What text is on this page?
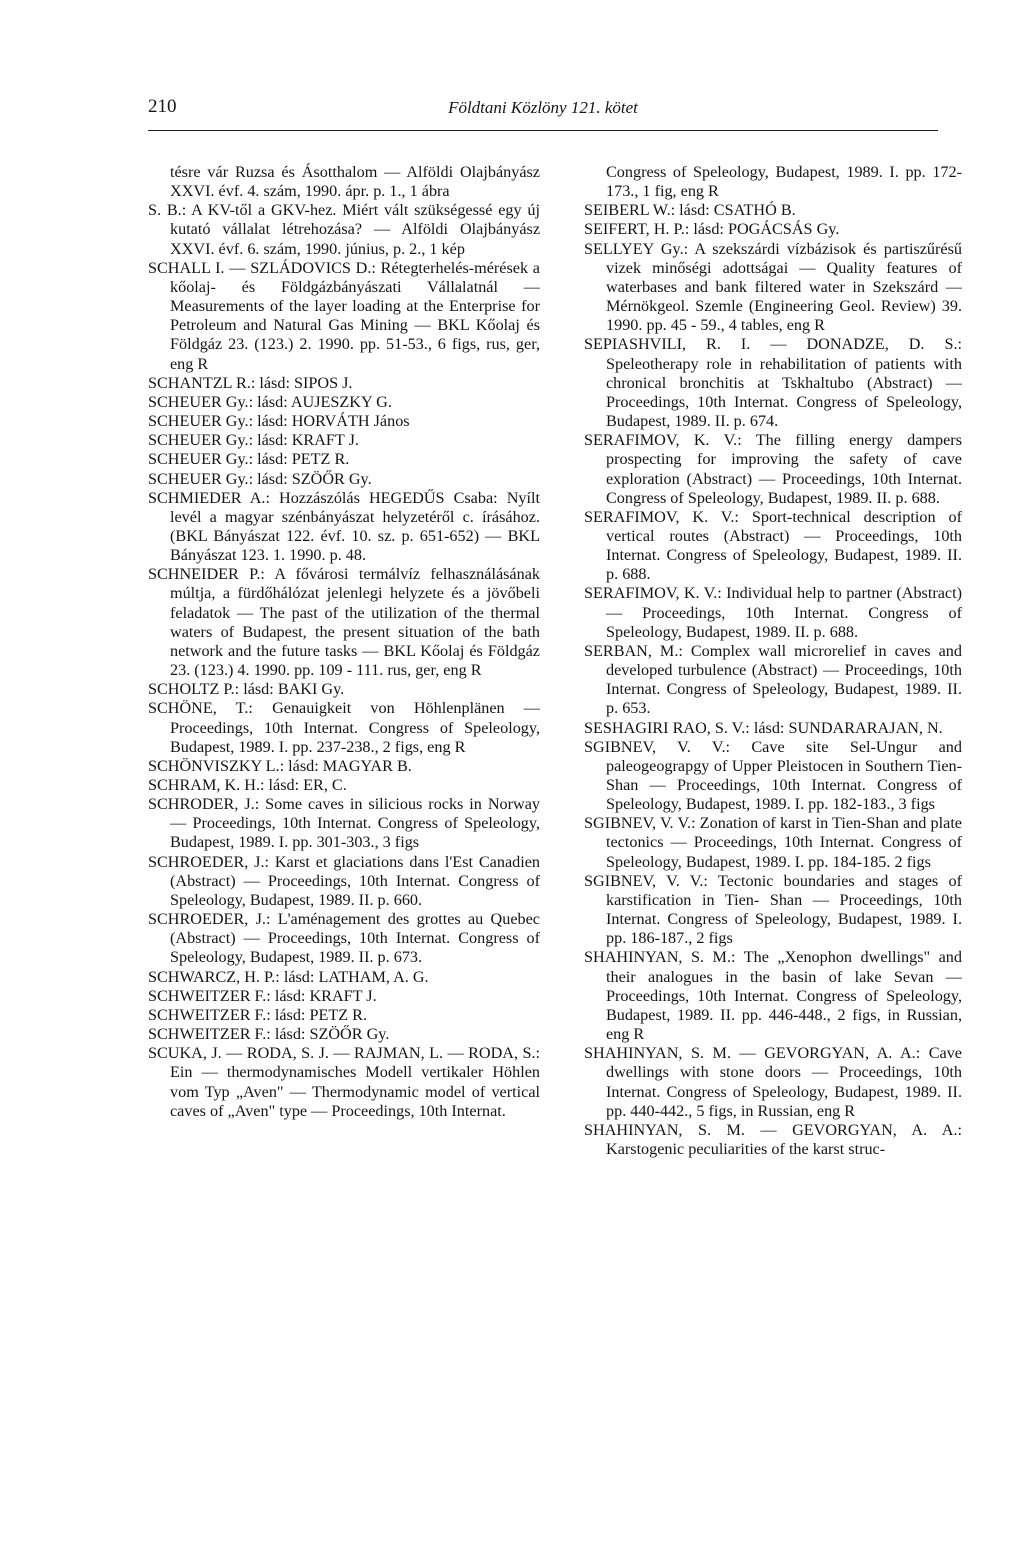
210	Földtani Közlöny 121. kötet

tésre vár Ruzsa és Ásotthalom — Alföldi Olajbányász XXVI. évf. 4. szám, 1990. ápr. p. 1., 1 ábra

S. B.: A KV-től a GKV-hez. Miért vált szükségessé egy új kutató vállalat létrehozása? — Alföldi Olajbányász XXVI. évf. 6. szám, 1990. június, p. 2., 1 kép

SCHALL I. — SZLÁDOVICS D.: Rétegterhelés-mérések a kőolaj- és Földgázbányászati Vállalatnál — Measurements of the layer loading at the Enterprise for Petroleum and Natural Gas Mining — BKL Kőolaj és Földgáz 23. (123.) 2. 1990. pp. 51-53., 6 figs, rus, ger, eng R

SCHANTZL R.: lásd: SIPOS J.

SCHEUER Gy.: lásd: AUJESZKY G.

SCHEUER Gy.: lásd: HORVÁTH János

SCHEUER Gy.: lásd: KRAFT J.

SCHEUER Gy.: lásd: PETZ R.

SCHEUER Gy.: lásd: SZÖŐR Gy.

SCHMIEDER A.: Hozzászólás HEGEDŰS Csaba: Nyílt levél a magyar szénbányászat helyzetéről c. írásához. (BKL Bányászat 122. évf. 10. sz. p. 651-652) — BKL Bányászat 123. 1. 1990. p. 48.

SCHNEIDER P.: A fővárosi termálvíz felhasználásának múltja, a fürdőhálózat jelenlegi helyzete és a jövőbeli feladatok — The past of the utilization of the thermal waters of Budapest, the present situation of the bath network and the future tasks — BKL Kőolaj és Földgáz 23. (123.) 4. 1990. pp. 109 - 111. rus, ger, eng R

SCHOLTZ P.: lásd: BAKI Gy.

SCHÖNE, T.: Genauigkeit von Höhlenplänen — Proceedings, 10th Internat. Congress of Speleology, Budapest, 1989. I. pp. 237-238., 2 figs, eng R

SCHÖNVISZKY L.: lásd: MAGYAR B.

SCHRAM, K. H.: lásd: ER, C.

SCHRODER, J.: Some caves in silicious rocks in Norway — Proceedings, 10th Internat. Congress of Speleology, Budapest, 1989. I. pp. 301-303., 3 figs

SCHROEDER, J.: Karst et glaciations dans l'Est Canadien (Abstract) — Proceedings, 10th Internat. Congress of Speleology, Budapest, 1989. II. p. 660.

SCHROEDER, J.: L'aménagement des grottes au Quebec (Abstract) — Proceedings, 10th Internat. Congress of Speleology, Budapest, 1989. II. p. 673.

SCHWARCZ, H. P.: lásd: LATHAM, A. G.

SCHWEITZER F.: lásd: KRAFT J.

SCHWEITZER F.: lásd: PETZ R.

SCHWEITZER F.: lásd: SZÖŐR Gy.

SCUKA, J. — RODA, S. J. — RAJMAN, L. — RODA, S.: Ein — thermodynamisches Modell vertikaler Höhlen vom Typ „Aven" — Thermodynamic model of vertical caves of „Aven" type — Proceedings, 10th Internat.

Congress of Speleology, Budapest, 1989. I. pp. 172-173., 1 fig, eng R

SEIBERL W.: lásd: CSATHÓ B.

SEIFERT, H. P.: lásd: POGÁCSÁS Gy.

SELLYEY Gy.: A szekszárdi vízbázisok és partiszűrésű vizek minőségi adottságai — Quality features of waterbases and bank filtered water in Szekszárd — Mérnökgeol. Szemle (Engineering Geol. Review) 39. 1990. pp. 45 - 59., 4 tables, eng R

SEPIASHVILI, R. I. — DONADZE, D. S.: Speleotherapy role in rehabilitation of patients with chronical bronchitis at Tskhaltubo (Abstract) — Proceedings, 10th Internat. Congress of Speleology, Budapest, 1989. II. p. 674.

SERAFIMOV, K. V.: The filling energy dampers prospecting for improving the safety of cave exploration (Abstract) — Proceedings, 10th Internat. Congress of Speleology, Budapest, 1989. II. p. 688.

SERAFIMOV, K. V.: Sport-technical description of vertical routes (Abstract) — Proceedings, 10th Internat. Congress of Speleology, Budapest, 1989. II. p. 688.

SERAFIMOV, K. V.: Individual help to partner (Abstract) — Proceedings, 10th Internat. Congress of Speleology, Budapest, 1989. II. p. 688.

SERBAN, M.: Complex wall microrelief in caves and developed turbulence (Abstract) — Proceedings, 10th Internat. Congress of Speleology, Budapest, 1989. II. p. 653.

SESHAGIRI RAO, S. V.: lásd: SUNDARARAJAN, N.

SGIBNEV, V. V.: Cave site Sel-Ungur and paleogeograpgy of Upper Pleistocen in Southern Tien-Shan — Proceedings, 10th Internat. Congress of Speleology, Budapest, 1989. I. pp. 182-183., 3 figs

SGIBNEV, V. V.: Zonation of karst in Tien-Shan and plate tectonics — Proceedings, 10th Internat. Congress of Speleology, Budapest, 1989. I. pp. 184-185. 2 figs

SGIBNEV, V. V.: Tectonic boundaries and stages of karstification in Tien- Shan — Proceedings, 10th Internat. Congress of Speleology, Budapest, 1989. I. pp. 186-187., 2 figs

SHAHINYAN, S. M.: The „Xenophon dwellings" and their analogues in the basin of lake Sevan — Proceedings, 10th Internat. Congress of Speleology, Budapest, 1989. II. pp. 446-448., 2 figs, in Russian, eng R

SHAHINYAN, S. M. — GEVORGYAN, A. A.: Cave dwellings with stone doors — Proceedings, 10th Internat. Congress of Speleology, Budapest, 1989. II. pp. 440-442., 5 figs, in Russian, eng R

SHAHINYAN, S. M. — GEVORGYAN, A. A.: Karstogenic peculiarities of the karst struc-
